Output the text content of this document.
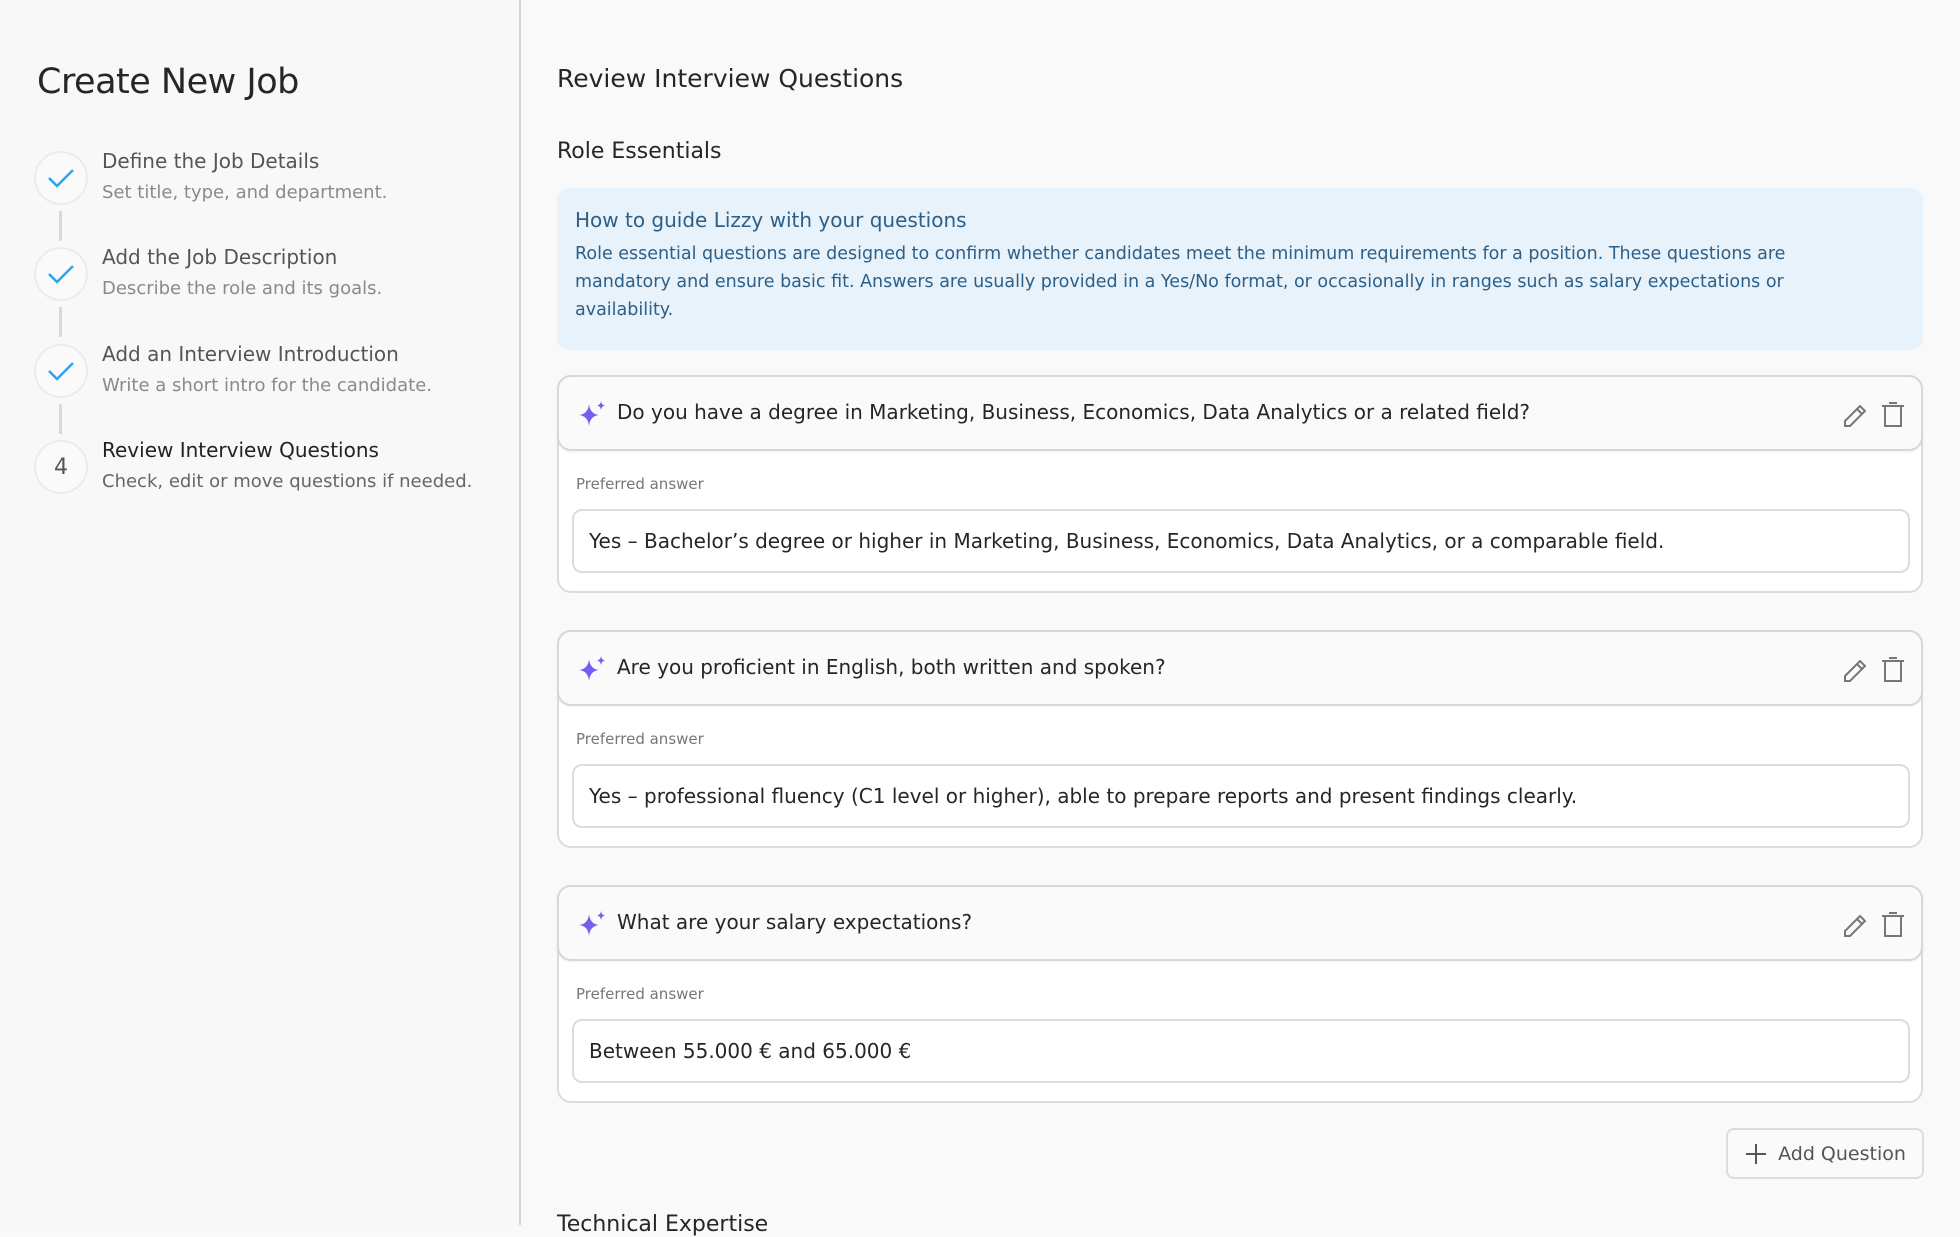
Create New Job
Define the Job Details
Set title, type, and department.
Add the Job Description
Describe the role and its goals.
Add an Interview Introduction
Write a short intro for the candidate.
4
Review Interview Questions
Check, edit or move questions if needed.
Review Interview Questions
Role Essentials
How to guide Lizzy with your questions
Role essential questions are designed to confirm whether candidates meet the minimum requirements for a position. These questions are mandatory and ensure basic fit. Answers are usually provided in a Yes/No format, or occasionally in ranges such as salary expectations or availability.
Do you have a degree in Marketing, Business, Economics, Data Analytics or a related field?
Preferred answer
Yes – Bachelor’s degree or higher in Marketing, Business, Economics, Data Analytics, or a comparable field.
Are you proficient in English, both written and spoken?
Preferred answer
Yes – professional fluency (C1 level or higher), able to prepare reports and present findings clearly.
What are your salary expectations?
Preferred answer
Between 55.000 € and 65.000 €
Add Question
Technical Expertise
